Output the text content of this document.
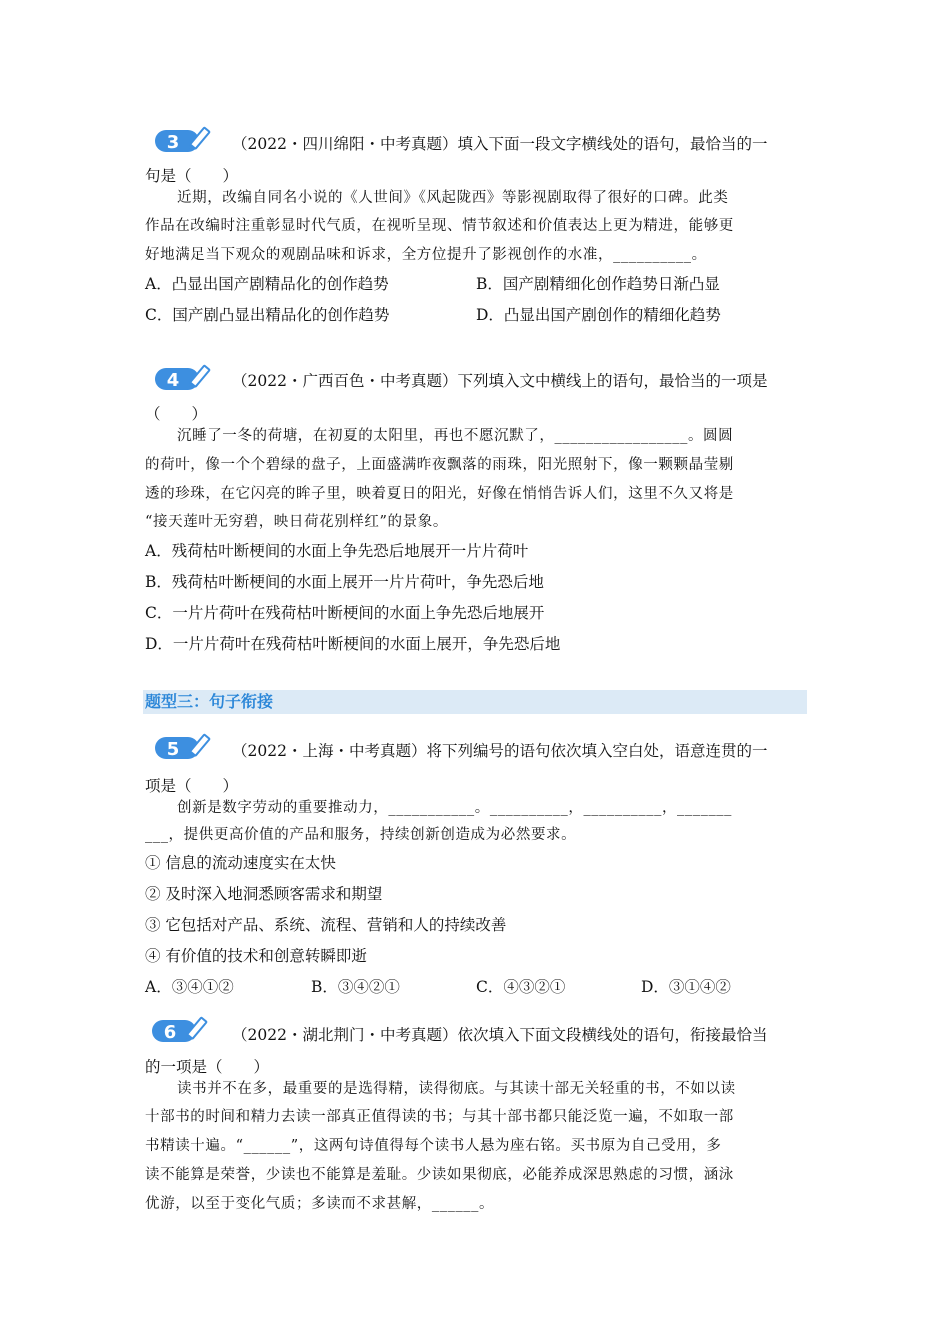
3	（2022・四川绵阳・中考真题）填入下面一段文字横线处的语句，最恰当的一
句是（　　）
近期，改编自同名小说的《人世间》《风起陇西》等影视剧取得了很好的口碑。此类
作品在改编时注重彰显时代气质，在视听呈现、情节叙述和价值表达上更为精进，能够更
好地满足当下观众的观剧品味和诉求，全方位提升了影视创作的水准，__________。
A．凸显出国产剧精品化的创作趋势	B．国产剧精细化创作趋势日渐凸显
C．国产剧凸显出精品化的创作趋势	D．凸显出国产剧创作的精细化趋势
4	（2022・广西百色・中考真题）下列填入文中横线上的语句，最恰当的一项是
（　　）
沉睡了一冬的荷塘，在初夏的太阳里，再也不愿沉默了，_________________。圆圆
的荷叶，像一个个碧绿的盘子，上面盛满昨夜飘落的雨珠，阳光照射下，像一颗颗晶莹剔
透的珍珠，在它闪亮的眸子里，映着夏日的阳光，好像在悄悄告诉人们，这里不久又将是
“接天莲叶无穷碧，映日荷花别样红”的景象。
A．残荷枯叶断梗间的水面上争先恐后地展开一片片荷叶
B．残荷枯叶断梗间的水面上展开一片片荷叶，争先恐后地
C．一片片荷叶在残荷枯叶断梗间的水面上争先恐后地展开
D．一片片荷叶在残荷枯叶断梗间的水面上展开，争先恐后地
题型三：句子衔接
5	（2022・上海・中考真题）将下列编号的语句依次填入空白处，语意连贯的一
项是（　　）
创新是数字劳动的重要推动力，___________。__________，__________，_______
___，提供更高价值的产品和服务，持续创新创造成为必然要求。
① 信息的流动速度实在太快
② 及时深入地洞悉顾客需求和期望
③ 它包括对产品、系统、流程、营销和人的持续改善
④ 有价值的技术和创意转瞬即逝
A．③④①②	B．③④②①	C．④③②①	D．③①④②
6	（2022・湖北荆门・中考真题）依次填入下面文段横线处的语句，衔接最恰当
的一项是（　　）
读书并不在多，最重要的是选得精，读得彻底。与其读十部无关轻重的书，不如以读
十部书的时间和精力去读一部真正值得读的书；与其十部书都只能泛览一遍，不如取一部
书精读十遍。“______”，这两句诗值得每个读书人悬为座右铭。买书原为自己受用，多
读不能算是荣誉，少读也不能算是羞耻。少读如果彻底，必能养成深思熟虑的习惯，涵泳
优游，以至于变化气质；多读而不求甚解，______。
